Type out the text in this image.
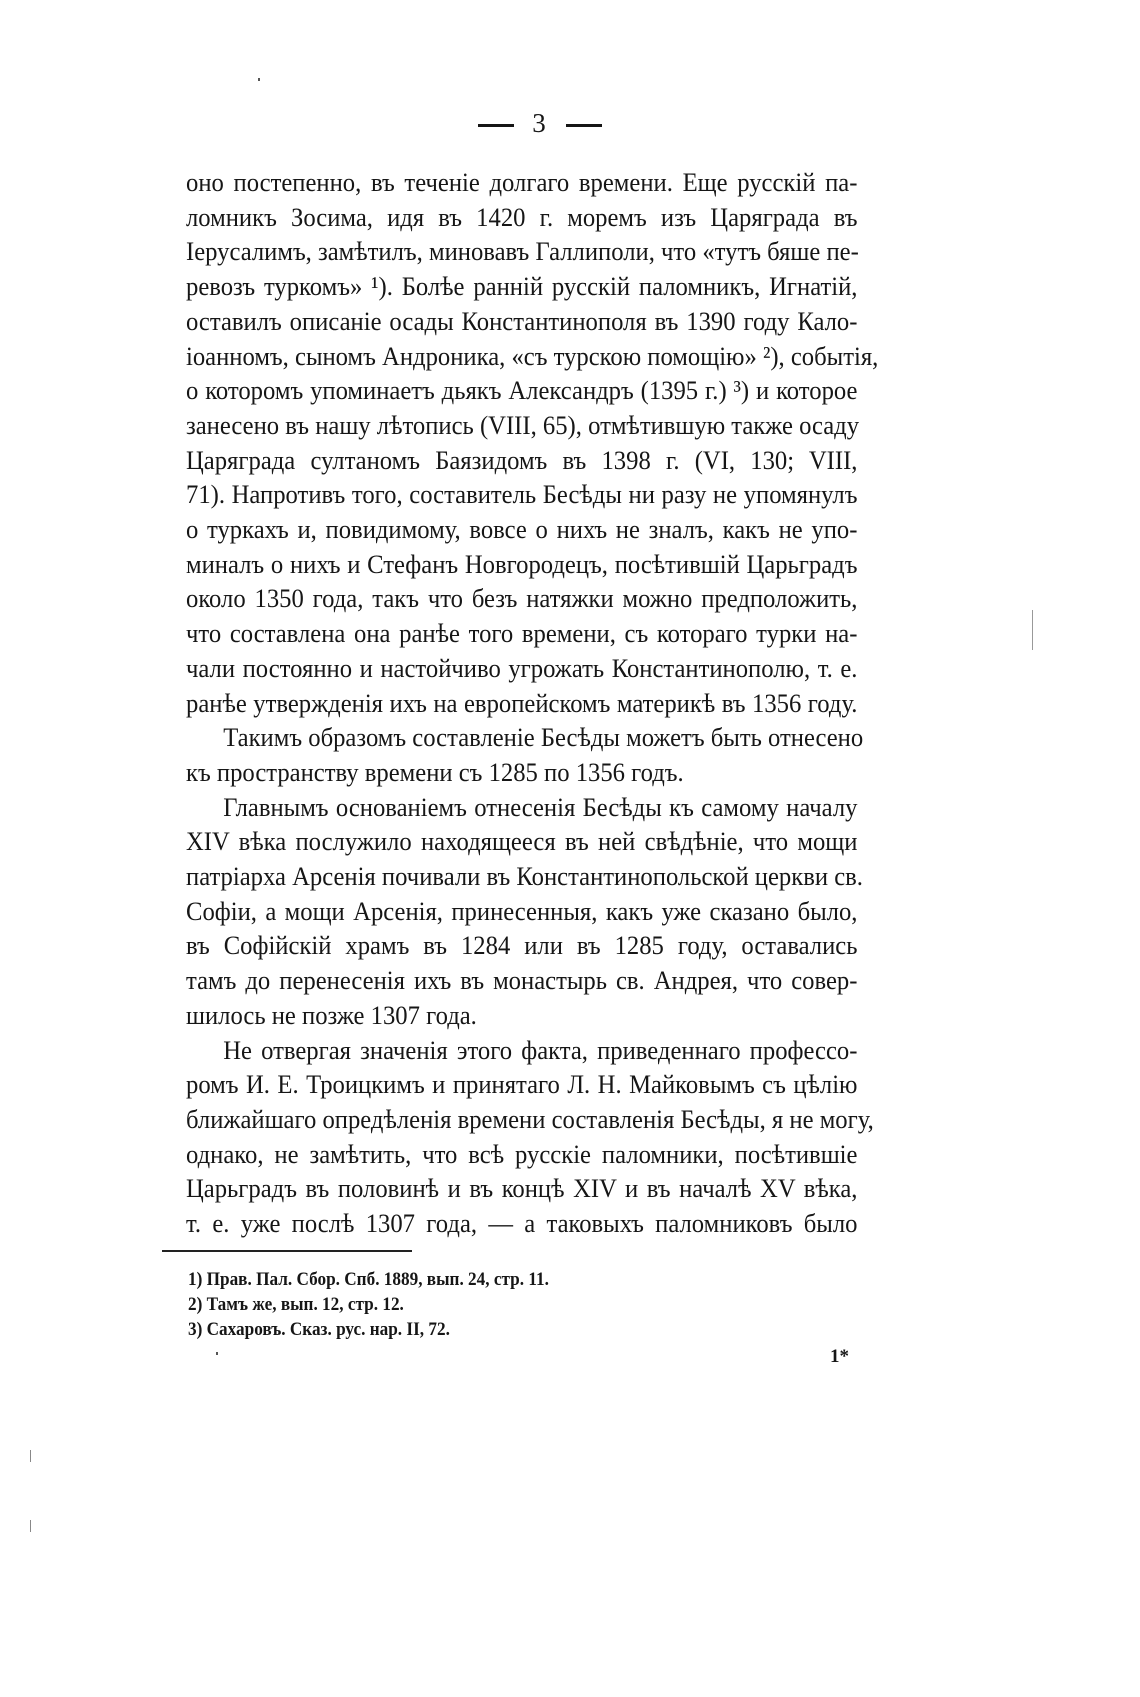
3
оно постепенно, въ теченіе долгаго времени. Еще русскій па-
ломникъ Зосима, идя въ 1420 г. моремъ изъ Царяграда въ
Іерусалимъ, замѣтилъ, миновавъ Галлиполи, что «тутъ бяше пе-
ревозъ туркомъ» ¹). Болѣе ранній русскій паломникъ, Игнатій,
оставилъ описаніе осады Константинополя въ 1390 году Кало-
іоанномъ, сыномъ Андроника, «съ турскою помощію» ²), событія,
о которомъ упоминаетъ дьякъ Александръ (1395 г.) ³) и которое
занесено въ нашу лѣтопись (VIII, 65), отмѣтившую также осаду
Царяграда султаномъ Баязидомъ въ 1398 г. (VI, 130; VIII,
71). Напротивъ того, составитель Бесѣды ни разу не упомянулъ
о туркахъ и, повидимому, вовсе о нихъ не зналъ, какъ не упо-
миналъ о нихъ и Стефанъ Новгородецъ, посѣтившій Царьградъ
около 1350 года, такъ что безъ натяжки можно предположить,
что составлена она ранѣе того времени, съ котораго турки на-
чали постоянно и настойчиво угрожать Константинополю, т. е.
ранѣе утвержденія ихъ на европейскомъ материкѣ въ 1356 году.
Такимъ образомъ составленіе Бесѣды можетъ быть отнесено
къ пространству времени съ 1285 по 1356 годъ.
Главнымъ основаніемъ отнесенія Бесѣды къ самому началу
XIV вѣка послужило находящееся въ ней свѣдѣніе, что мощи
патріарха Арсенія почивали въ Константинопольской церкви св.
Софіи, а мощи Арсенія, принесенныя, какъ уже сказано было,
въ Софійскій храмъ въ 1284 или въ 1285 году, оставались
тамъ до перенесенія ихъ въ монастырь св. Андрея, что совер-
шилось не позже 1307 года.
Не отвергая значенія этого факта, приведеннаго профессо-
ромъ И. Е. Троицкимъ и принятаго Л. Н. Майковымъ съ цѣлію
ближайшаго опредѣленія времени составленія Бесѣды, я не могу,
однако, не замѣтить, что всѣ русскіе паломники, посѣтившіе
Царьградъ въ половинѣ и въ концѣ XIV и въ началѣ XV вѣка,
т. е. уже послѣ 1307 года, — а таковыхъ паломниковъ было
1) Прав. Пал. Сбор. Спб. 1889, вып. 24, стр. 11.
2) Тамъ же, вып. 12, стр. 12.
3) Сахаровъ. Сказ. рус. нар. II, 72.
1*
